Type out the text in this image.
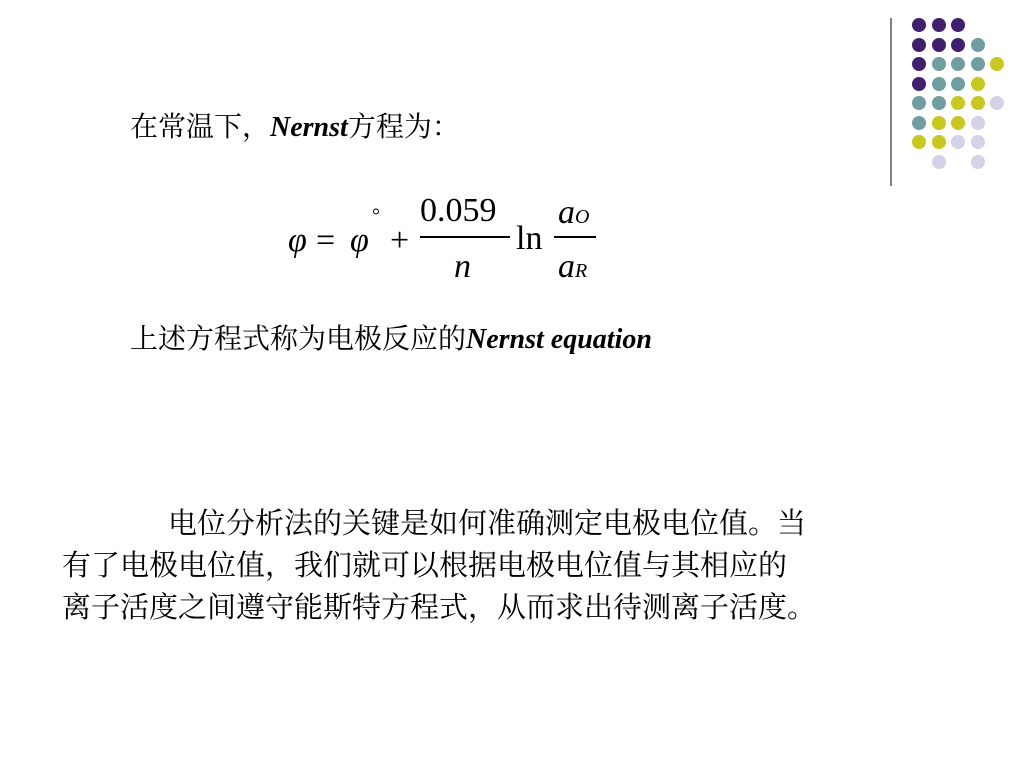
在常温下，Nernst方程为：
φ = φ
°
+
0.059
n
ln
aO
aR
上述方程式称为电极反应的Nernst equation

电位分析法的关键是如何准确测定电极电位值。当

有了电极电位值，我们就可以根据电极电位值与其相应的

离子活度之间遵守能斯特方程式，从而求出待测离子活度。
